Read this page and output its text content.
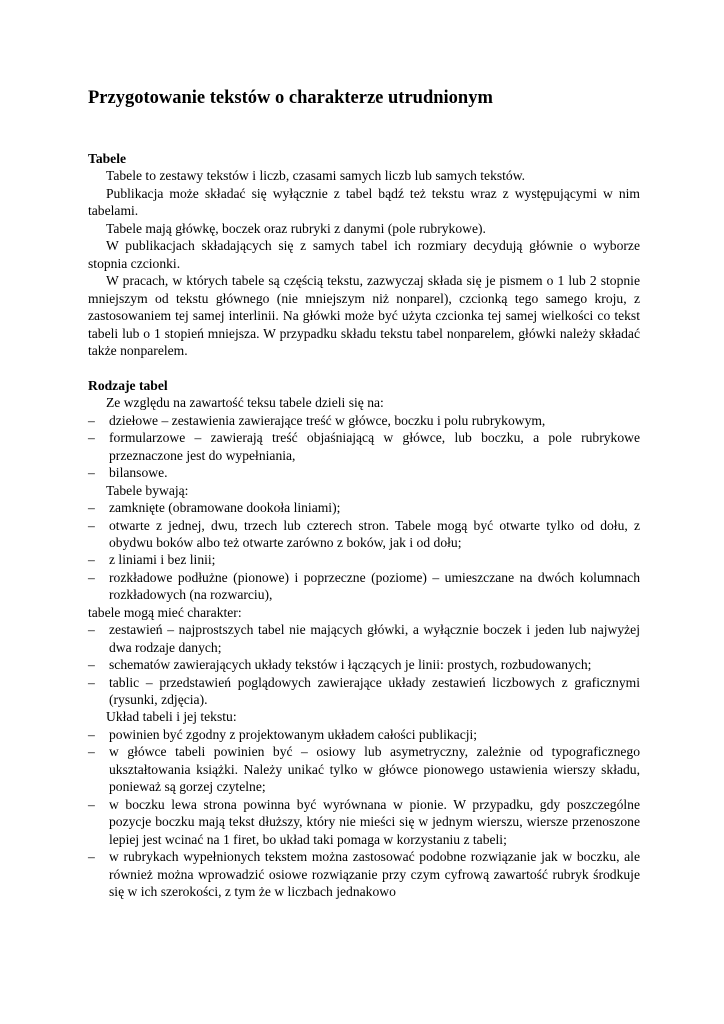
Przygotowanie tekstów o charakterze utrudnionym
Tabele

Tabele to zestawy tekstów i liczb, czasami samych liczb lub samych tekstów.

Publikacja może składać się wyłącznie z tabel bądź też tekstu wraz z występującymi w nim tabelami.

Tabele mają główkę, boczek oraz rubryki z danymi (pole rubrykowe).

W publikacjach składających się z samych tabel ich rozmiary decydują głównie o wyborze stopnia czcionki.

W pracach, w których tabele są częścią tekstu, zazwyczaj składa się je pismem o 1 lub 2 stopnie mniejszym od tekstu głównego (nie mniejszym niż nonparel), czcionką tego samego kroju, z zastosowaniem tej samej interlinii. Na główki może być użyta czcionka tej samej wielkości co tekst tabeli lub o 1 stopień mniejsza. W przypadku składu tekstu tabel nonparelem, główki należy składać także nonparelem.

Rodzaje tabel

Ze względu na zawartość teksu tabele dzieli się na:

– dziełowe – zestawienia zawierające treść w główce, boczku i polu rubrykowym,
– formularzowe – zawierają treść objaśniającą w główce, lub boczku, a pole rubrykowe przeznaczone jest do wypełniania,
– bilansowe.

Tabele bywają:

– zamknięte (obramowane dookoła liniami);
– otwarte z jednej, dwu, trzech lub czterech stron. Tabele mogą być otwarte tylko od dołu, z obydwu boków albo też otwarte zarówno z boków, jak i od dołu;
– z liniami i bez linii;
– rozkładowe podłużne (pionowe) i poprzeczne (poziome) – umieszczane na dwóch kolumnach rozkładowych (na rozwarciu),

tabele mogą mieć charakter:

– zestawień – najprostszych tabel nie mających główki, a wyłącznie boczek i jeden lub najwyżej dwa rodzaje danych;
– schematów zawierających układy tekstów i łączących je linii: prostych, rozbudowanych;
– tablic – przedstawień poglądowych zawierające układy zestawień liczbowych z graficznymi (rysunki, zdjęcia).

Układ tabeli i jej tekstu:

– powinien być zgodny z projektowanym układem całości publikacji;
– w główce tabeli powinien być – osiowy lub asymetryczny, zależnie od typograficznego ukształtowania książki. Należy unikać tylko w główce pionowego ustawienia wierszy składu, ponieważ są gorzej czytelne;
– w boczku lewa strona powinna być wyrównana w pionie. W przypadku, gdy poszczególne pozycje boczku mają tekst dłuższy, który nie mieści się w jednym wierszu, wiersze przenoszone lepiej jest wcinać na 1 firet, bo układ taki pomaga w korzystaniu z tabeli;
– w rubrykach wypełnionych tekstem można zastosować podobne rozwiązanie jak w boczku, ale również można wprowadzić osiowe rozwiązanie przy czym cyfrową zawartość rubryk środkuje się w ich szerokości, z tym że w liczbach jednakowo
